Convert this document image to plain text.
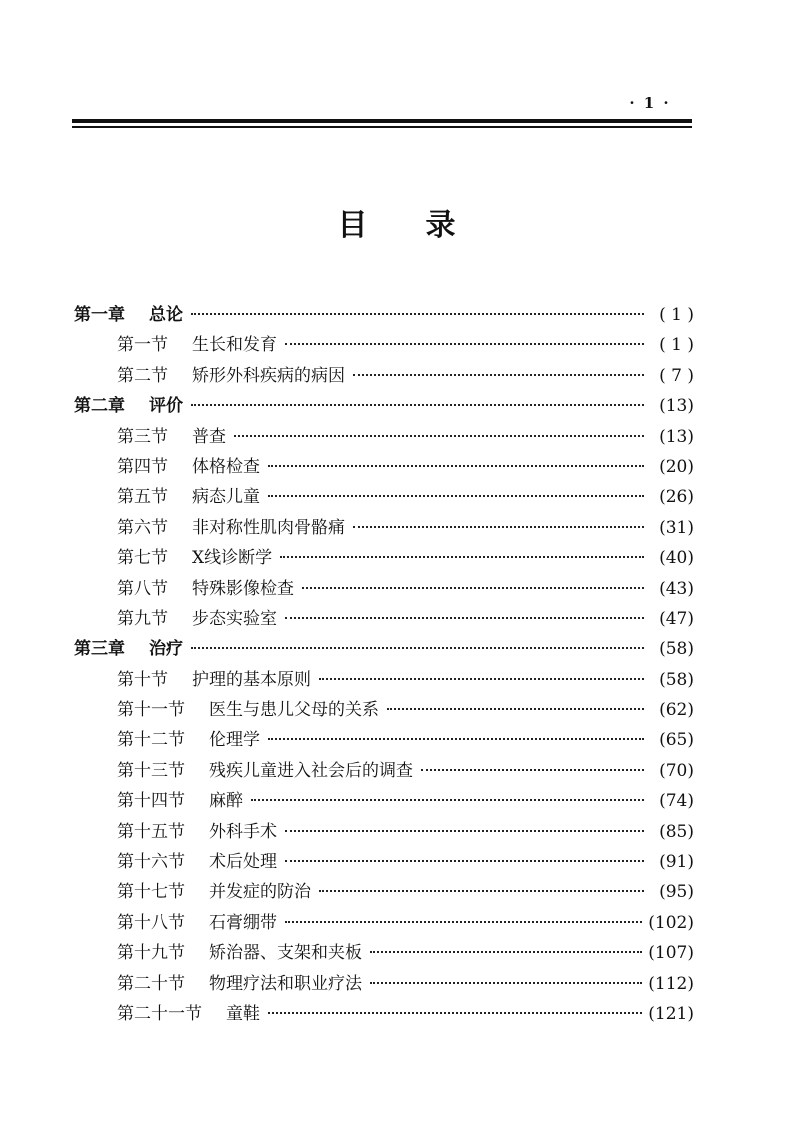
· 1 ·
目录
第一章 总论	( 1 )
第一节 生长和发育	( 1 )
第二节 矫形外科疾病的病因	( 7 )
第二章 评价	(13)
第三节 普查	(13)
第四节 体格检查	(20)
第五节 病态儿童	(26)
第六节 非对称性肌肉骨骼痛	(31)
第七节 X线诊断学	(40)
第八节 特殊影像检查	(43)
第九节 步态实验室	(47)
第三章 治疗	(58)
第十节 护理的基本原则	(58)
第十一节 医生与患儿父母的关系	(62)
第十二节 伦理学	(65)
第十三节 残疾儿童进入社会后的调查	(70)
第十四节 麻醉	(74)
第十五节 外科手术	(85)
第十六节 术后处理	(91)
第十七节 并发症的防治	(95)
第十八节 石膏绷带	(102)
第十九节 矫治器、支架和夹板	(107)
第二十节 物理疗法和职业疗法	(112)
第二十一节 童鞋	(121)
